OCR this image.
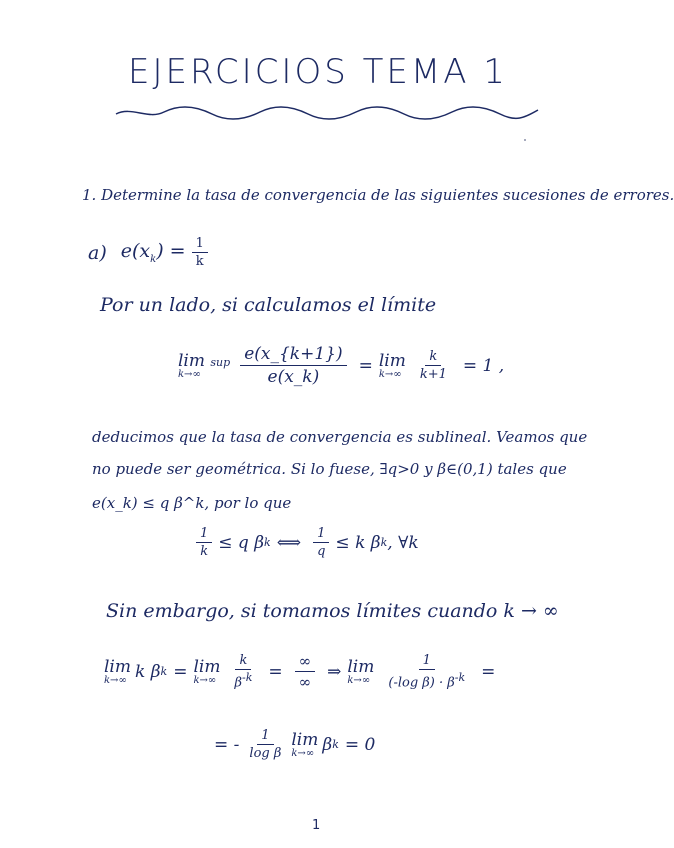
EJERCICIOS TEMA 1
1. Determine la tasa de convergencia de las siguientes sucesiones de errores.
a) $e(x_k) = \frac{1}{k}$
Por un lado, si calculamos el límite
lim sup
$k\to\infty \frac{e(x\_\{k+1\})}{e(x\_k)} = \lim$
$k\to\infty \frac{k}{k+1} = 1$ ,
deducimos que la tasa de convergencia es sublineal. Veamos que
no puede ser geométrica. Si lo fuese, ∃q>0 y β∈(0,1) tales que
e(x_k) ≤ q β^k, por lo que
$\frac{1}{k} \le q$ β k ⟺ $\frac{1}{q} \le k$ β k , ∀k
Sin embargo, si tomamos límites cuando k → ∞
lim
k→∞ k β k = lim
$k\to\infty \frac{k}{\beta^{-k}} = \frac{\infty}{\infty}$ ⇒ lim
$k\to\infty \frac{1}{(-\log \beta) \cdot \beta^{-k}}$ =
= - $\frac{1}{\text{log β}}$ lim
k→∞ β k = 0
1
